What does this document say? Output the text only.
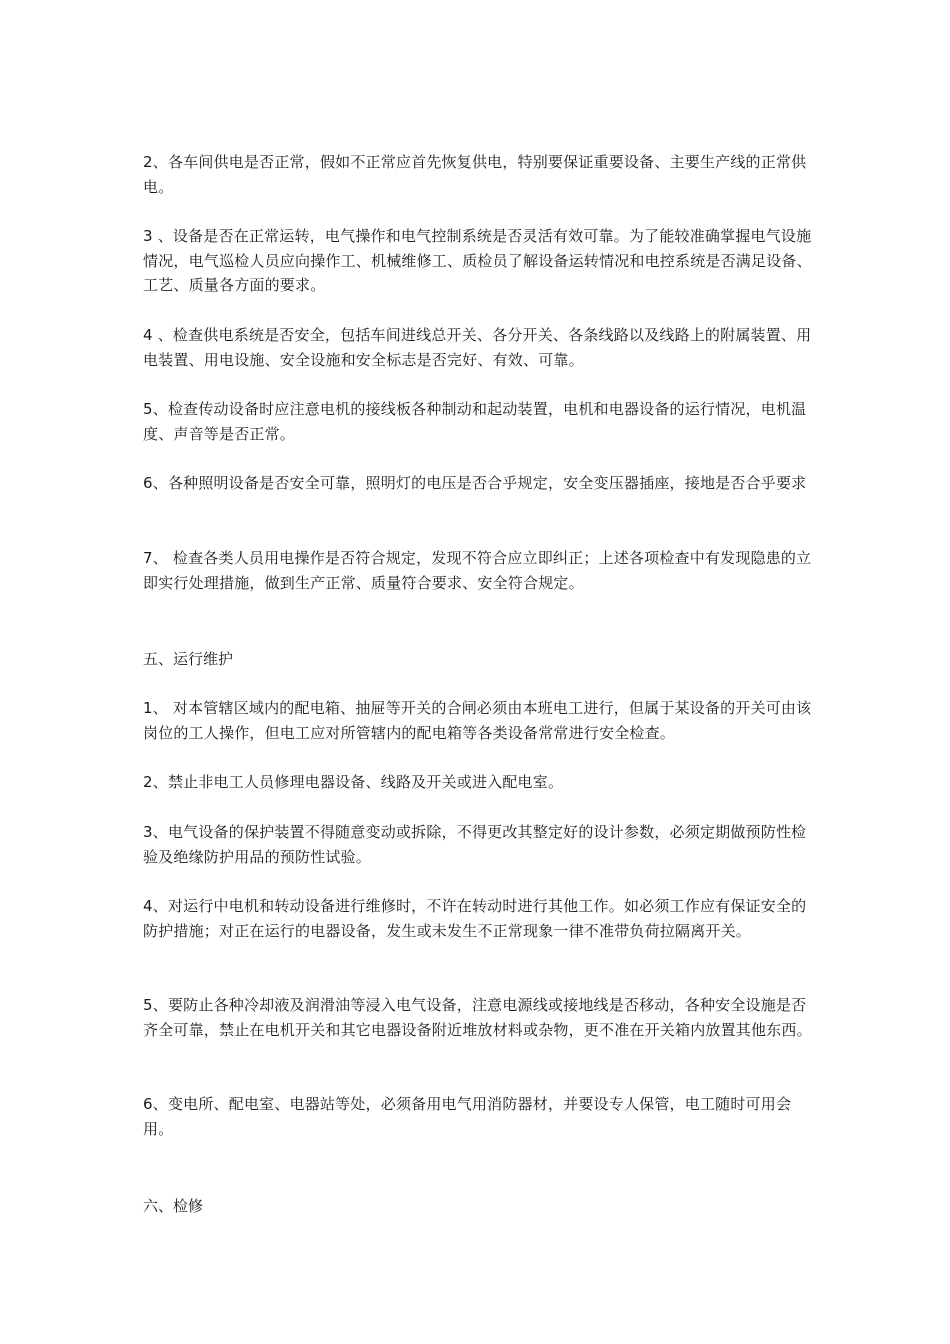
2、各车间供电是否正常，假如不正常应首先恢复供电，特别要保证重要设备、主要生产线的正常供电。

3 、设备是否在正常运转，电气操作和电气控制系统是否灵活有效可靠。为了能较准确掌握电气设施情况，电气巡检人员应向操作工、机械维修工、质检员了解设备运转情况和电控系统是否满足设备、工艺、质量各方面的要求。

4 、检查供电系统是否安全，包括车间进线总开关、各分开关、各条线路以及线路上的附属装置、用电装置、用电设施、安全设施和安全标志是否完好、有效、可靠。

5、检查传动设备时应注意电机的接线板各种制动和起动装置，电机和电器设备的运行情况，电机温度、声音等是否正常。

6、各种照明设备是否安全可靠，照明灯的电压是否合乎规定，安全变压器插座，接地是否合乎要求

7、 检查各类人员用电操作是否符合规定，发现不符合应立即纠正；上述各项检查中有发现隐患的立即实行处理措施，做到生产正常、质量符合要求、安全符合规定。

五、运行维护

1、 对本管辖区域内的配电箱、抽屉等开关的合闸必须由本班电工进行，但属于某设备的开关可由该岗位的工人操作，但电工应对所管辖内的配电箱等各类设备常常进行安全检查。

2、禁止非电工人员修理电器设备、线路及开关或进入配电室。

3、电气设备的保护装置不得随意变动或拆除，不得更改其整定好的设计参数，必须定期做预防性检验及绝缘防护用品的预防性试验。

4、对运行中电机和转动设备进行维修时，不许在转动时进行其他工作。如必须工作应有保证安全的防护措施；对正在运行的电器设备，发生或未发生不正常现象一律不准带负荷拉隔离开关。

5、要防止各种冷却液及润滑油等浸入电气设备，注意电源线或接地线是否移动，各种安全设施是否齐全可靠，禁止在电机开关和其它电器设备附近堆放材料或杂物，更不准在开关箱内放置其他东西。

6、变电所、配电室、电器站等处，必须备用电气用消防器材，并要设专人保管，电工随时可用会用。

六、检修
